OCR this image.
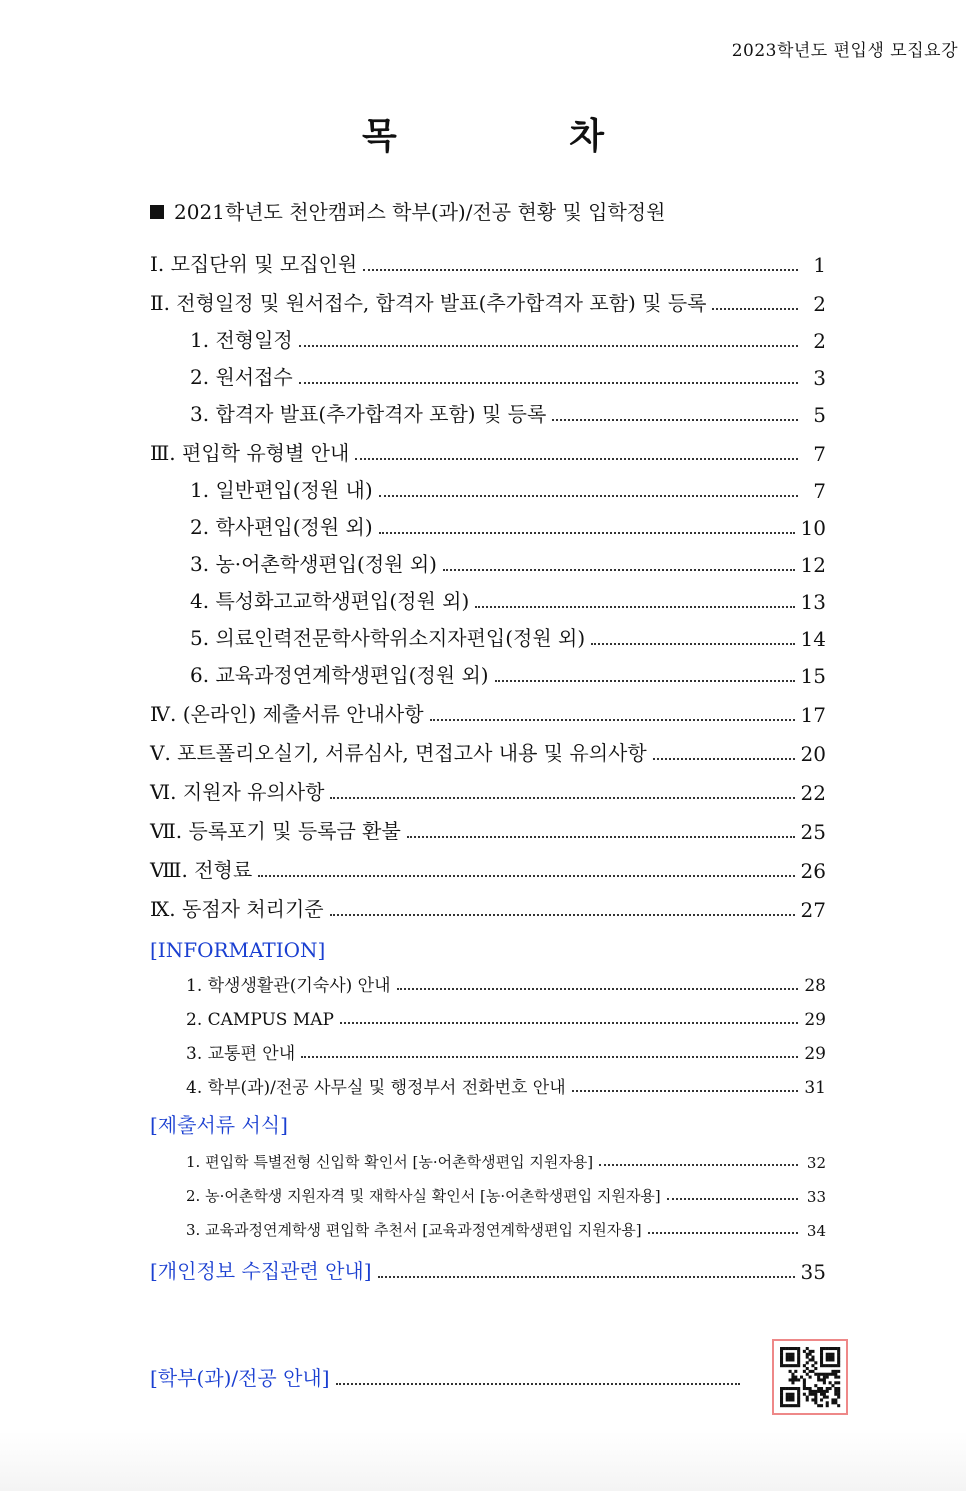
2023학년도 편입생 모집요강
목 차
2021학년도 천안캠퍼스 학부(과)/전공 현황 및 입학정원
Ⅰ. 모집단위 및 모집인원	1
Ⅱ. 전형일정 및 원서접수, 합격자 발표(추가합격자 포함) 및 등록	2
1. 전형일정	2
2. 원서접수	3
3. 합격자 발표(추가합격자 포함) 및 등록	5
Ⅲ. 편입학 유형별 안내	7
1. 일반편입(정원 내)	7
2. 학사편입(정원 외)	10
3. 농·어촌학생편입(정원 외)	12
4. 특성화고교학생편입(정원 외)	13
5. 의료인력전문학사학위소지자편입(정원 외)	14
6. 교육과정연계학생편입(정원 외)	15
Ⅳ. (온라인) 제출서류 안내사항	17
Ⅴ. 포트폴리오실기, 서류심사, 면접고사 내용 및 유의사항	20
Ⅵ. 지원자 유의사항	22
Ⅶ. 등록포기 및 등록금 환불	25
Ⅷ. 전형료	26
Ⅸ. 동점자 처리기준	27
[INFORMATION]
1. 학생생활관(기숙사) 안내	28
2. CAMPUS MAP	29
3. 교통편 안내	29
4. 학부(과)/전공 사무실 및 행정부서 전화번호 안내	31
[제출서류 서식]
1. 편입학 특별전형 신입학 확인서 [농·어촌학생편입 지원자용]	32
2. 농·어촌학생 지원자격 및 재학사실 확인서 [농·어촌학생편입 지원자용]	33
3. 교육과정연계학생 편입학 추천서 [교육과정연계학생편입 지원자용]	34
[개인정보 수집관련 안내]	35
[학부(과)/전공 안내]
